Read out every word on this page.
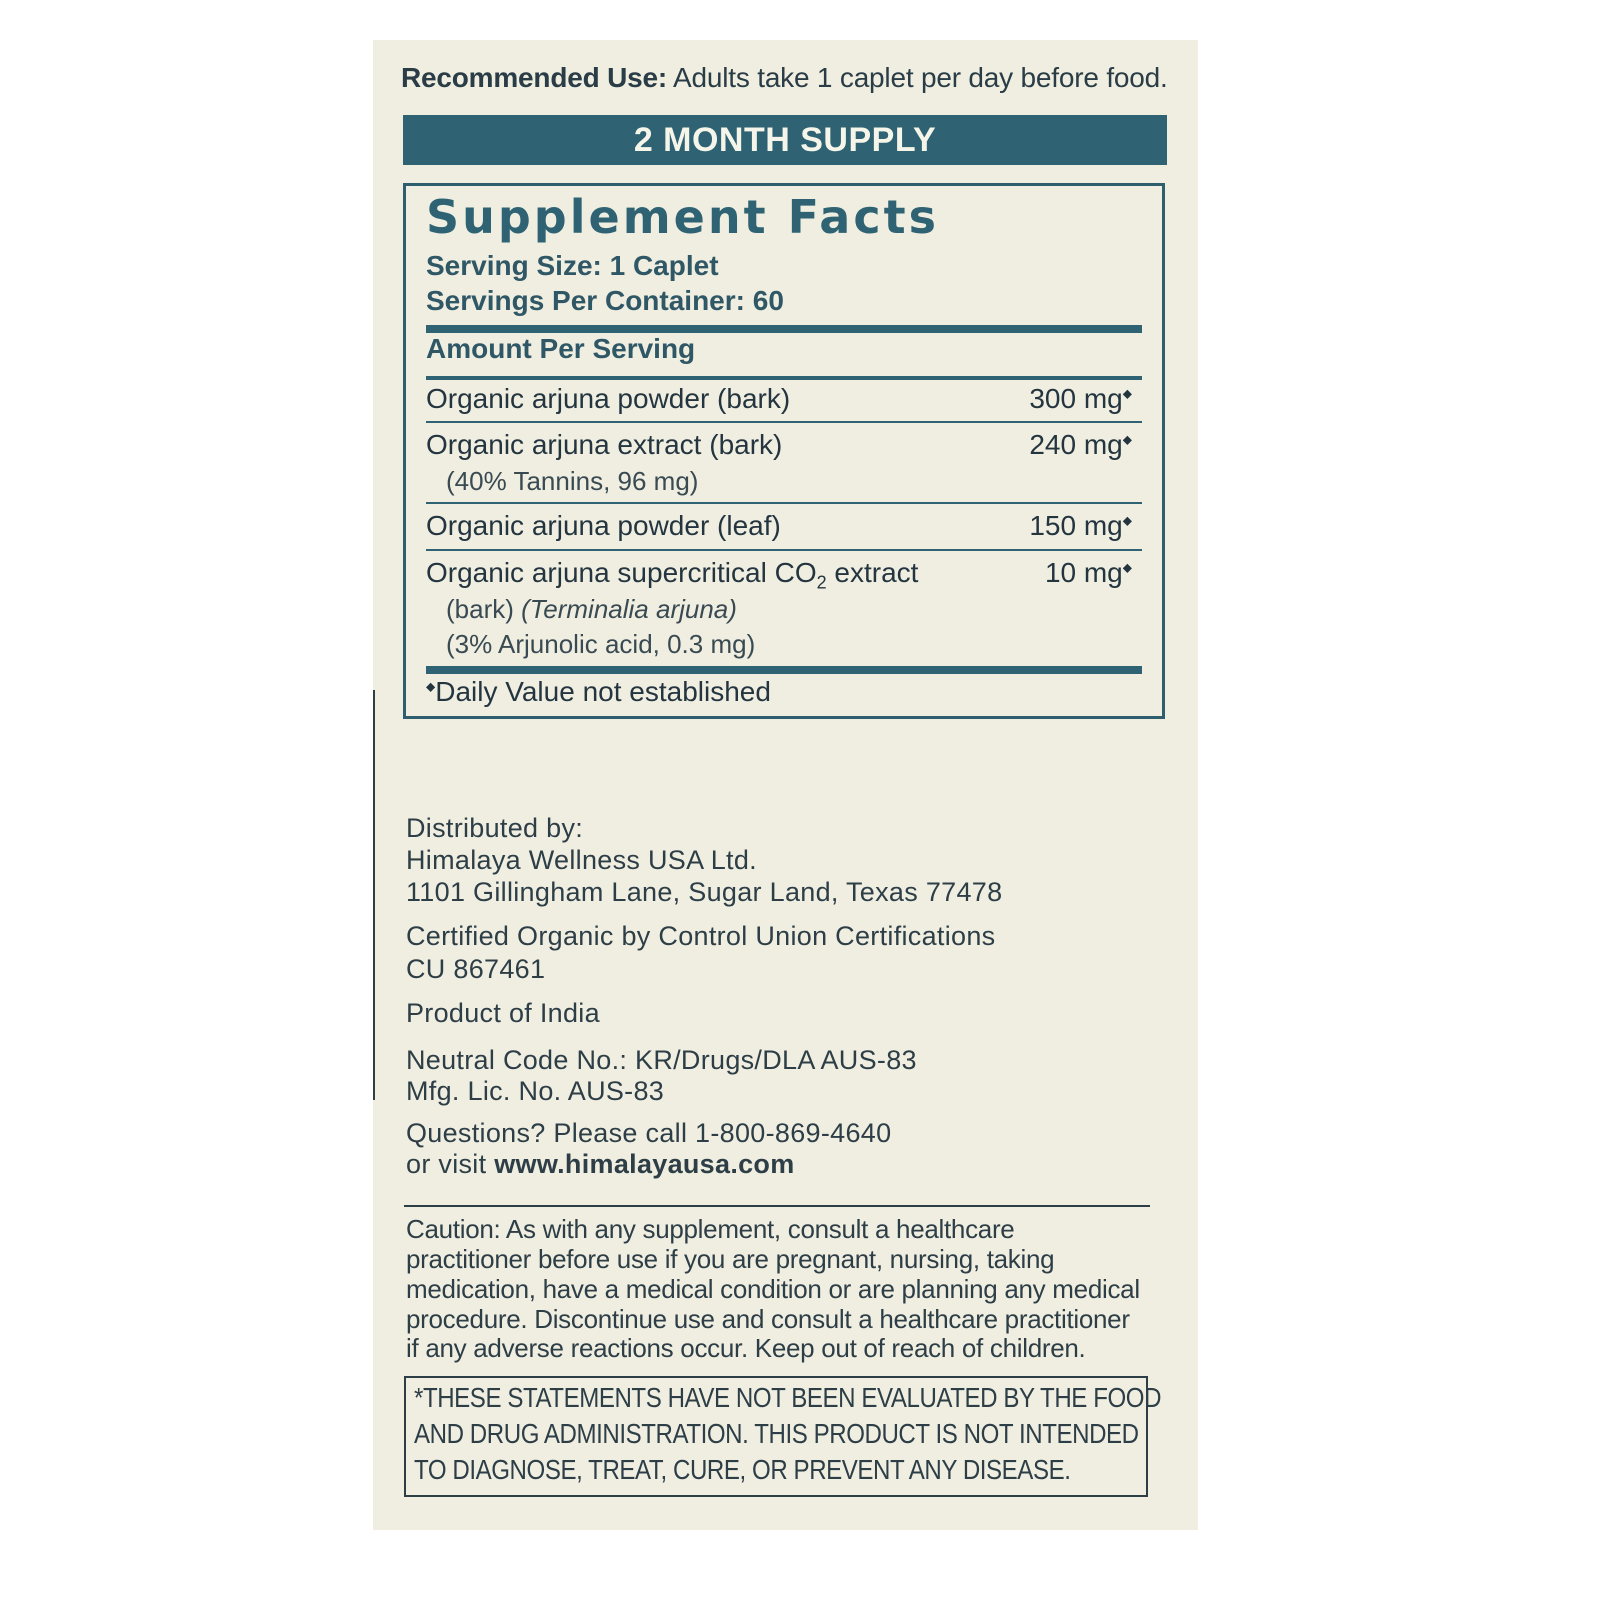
Recommended Use: Adults take 1 caplet per day before food.
2 MONTH SUPPLY
Supplement Facts
Serving Size: 1 Caplet
Servings Per Container: 60
Amount Per Serving
Organic arjuna powder (bark)	300 mg◆
Organic arjuna extract (bark)
(40% Tannins, 96 mg)
240 mg◆
Organic arjuna powder (leaf)	150 mg◆
Organic arjuna supercritical $CO_2$ extract
(bark) (Terminalia arjuna)
(3% Arjunolic acid, 0.3 mg)
10 mg◆
◆Daily Value not established
Distributed by:
Himalaya Wellness USA Ltd.
1101 Gillingham Lane, Sugar Land, Texas 77478
Certified Organic by Control Union Certifications
CU 867461
Product of India
Neutral Code No.: KR/Drugs/DLA AUS-83
Mfg. Lic. No. AUS-83
Questions? Please call 1-800-869-4640
or visit www.himalayausa.com
Caution: As with any supplement, consult a healthcare
practitioner before use if you are pregnant, nursing, taking
medication, have a medical condition or are planning any medical
procedure. Discontinue use and consult a healthcare practitioner
if any adverse reactions occur. Keep out of reach of children.
*THESE STATEMENTS HAVE NOT BEEN EVALUATED BY THE FOOD
AND DRUG ADMINISTRATION. THIS PRODUCT IS NOT INTENDED
TO DIAGNOSE, TREAT, CURE, OR PREVENT ANY DISEASE.
